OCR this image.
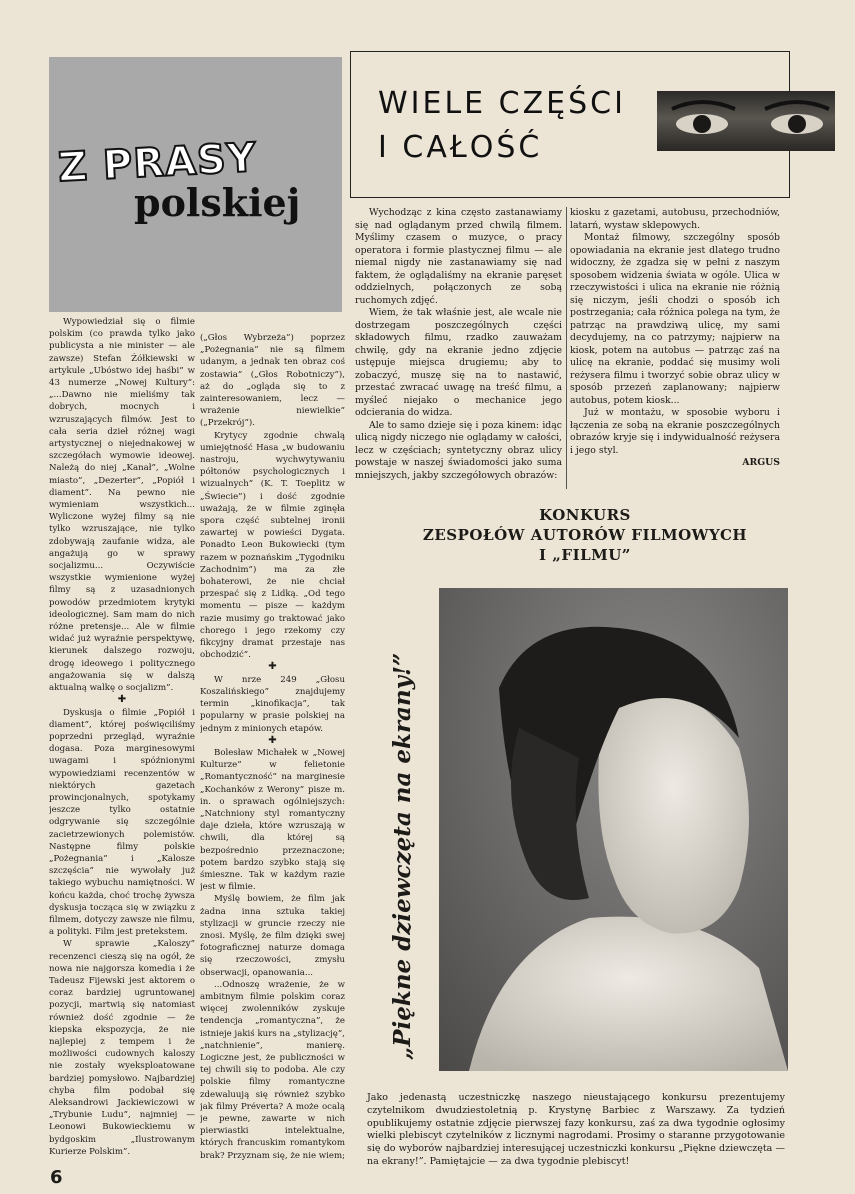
Z PRASY
polskiej
WIELE CZĘŚCI
I CAŁOŚĆ

Wychodząc z kina często zastanawiamy się nad oglądanym przed chwilą filmem. Myślimy czasem o muzyce, o pracy operatora i formie plastycznej filmu — ale niemal nigdy nie zastanawiamy się nad faktem, że oglądaliśmy na ekranie paręset oddzielnych, połączonych ze sobą ruchomych zdjęć.

Wiem, że tak właśnie jest, ale wcale nie dostrzegam poszczególnych części składowych filmu, rzadko zauważam chwilę, gdy na ekranie jedno zdjęcie ustępuje miejsca drugiemu; aby to zobaczyć, muszę się na to nastawić, przestać zwracać uwagę na treść filmu, a myśleć niejako o mechanice jego odcierania do widza.

Ale to samo dzieje się i poza kinem: idąc ulicą nigdy niczego nie oglądamy w całości, lecz w częściach; syntetyczny obraz ulicy powstaje w naszej świadomości jako suma mniejszych, jakby szczegółowych obrazów:

kiosku z gazetami, autobusu, przechodniów, latarń, wystaw sklepowych.

Montaż filmowy, szczególny sposób opowiadania na ekranie jest dlatego trudno widoczny, że zgadza się w pełni z naszym sposobem widzenia świata w ogóle. Ulica w rzeczywistości i ulica na ekranie nie różnią się niczym, jeśli chodzi o sposób ich postrzegania; cała różnica polega na tym, że patrząc na prawdziwą ulicę, my sami decydujemy, na co patrzymy; najpierw na kiosk, potem na autobus — patrząc zaś na ulicę na ekranie, poddać się musimy woli reżysera filmu i tworzyć sobie obraz ulicy w sposób przezeń zaplanowany; najpierw autobus, potem kiosk...

Już w montażu, w sposobie wyboru i łączenia ze sobą na ekranie poszczególnych obrazów kryje się i indywidualność reżysera i jego styl.

ARGUS

Wypowiedział się o filmie polskim (co prawda tylko jako publicysta a nie minister — ale zawsze) Stefan Żółkiewski w artykule „Ubóstwo idej haśbi” w 43 numerze „Nowej Kultury”: „...Dawno nie mieliśmy tak dobrych, mocnych i wzruszających filmów. Jest to cała seria dzieł różnej wagi artystycznej o niejednakowej w szczegółach wymowie ideowej. Należą do niej „Kanał”, „Wolne miasto”, „Dezerter”, „Popiół i diament”. Na pewno nie wymieniam wszystkich... Wyliczone wyżej filmy są nie tylko wzruszające, nie tylko zdobywają zaufanie widza, ale angażują go w sprawy socjalizmu... Oczywiście wszystkie wymienione wyżej filmy są z uzasadnionych powodów przedmiotem krytyki ideologicznej. Sam mam do nich różne pretensje... Ale w filmie widać już wyraźnie perspektywę, kierunek dalszego rozwoju, drogę ideowego i politycznego angażowania się w dalszą aktualną walkę o socjalizm”.

✚

Dyskusja o filmie „Popiół i diament”, której poświęciliśmy poprzedni przegląd, wyraźnie dogasa. Poza marginesowymi uwagami i spóźnionymi wypowiedziami recenzentów w niektórych gazetach prowincjonalnych, spotykamy jeszcze tylko ostatnie odgrywanie się szczególnie zacietrzewionych polemistów. Następne filmy polskie „Pożegnania” i „Kalosze szczęścia” nie wywołały już takiego wybuchu namiętności. W końcu każda, choć trochę żywsza dyskusja tocząca się w związku z filmem, dotyczy zawsze nie filmu, a polityki. Film jest pretekstem.

W sprawie „Kaloszy” recenzenci cieszą się na ogół, że nowa nie najgorsza komedia i że Tadeusz Fijewski jest aktorem o coraz bardziej ugruntowanej pozycji, martwią się natomiast również dość zgodnie — że kiepska ekspozycja, że nie najlepiej z tempem i że możliwości cudownych kaloszy nie zostały wyeksploatowane bardziej pomysłowo. Najbardziej chyba film podobał się Aleksandrowi Jackiewiczowi w „Trybunie Ludu”, najmniej — Leonowi Bukowieckiemu w bydgoskim „Ilustrowanym Kurierze Polskim”.

(„Głos Wybrzeża”) poprzez „Pożegnania” nie są filmem udanym, a jednak ten obraz coś zostawia” („Głos Robotniczy”), aż do „ogląda się to z zainteresowaniem, lecz — wrażenie niewielkie” („Przekrój”).

Krytycy zgodnie chwalą umiejętność Hasa „w budowaniu nastroju, wychwytywaniu półtonów psychologicznych i wizualnych” (K. T. Toeplitz w „Świecie”) i dość zgodnie uważają, że w filmie zginęła spora część subtelnej ironii zawartej w powieści Dygata. Ponadto Leon Bukowiecki (tym razem w poznańskim „Tygodniku Zachodnim”) ma za złe bohaterowi, że nie chciał przespać się z Lidką. „Od tego momentu — pisze — każdym razie musimy go traktować jako chorego i jego rzekomy czy fikcyjny dramat przestaje nas obchodzić”.

✚

W nrze 249 „Głosu Koszalińskiego” znajdujemy termin „kinofikacja”, tak popularny w prasie polskiej na jednym z minionych etapów.

✚

Bolesław Michałek w „Nowej Kulturze” w felietonie „Romantyczność” na marginesie „Kochanków z Werony” pisze m. in. o sprawach ogólniejszych: „Natchniony styl romantyczny daje dzieła, które wzruszają w chwili, dla której są bezpośrednio przeznaczone; potem bardzo szybko stają się śmieszne. Tak w każdym razie jest w filmie.

Myślę bowiem, że film jak żadna inna sztuka takiej stylizacji w gruncie rzeczy nie znosi. Myślę, że film dzięki swej fotograficznej naturze domaga się rzeczowości, zmysłu obserwacji, opanowania...

...Odnoszę wrażenie, że w ambitnym filmie polskim coraz więcej zwolenników zyskuje tendencja „romantyczna”, że istnieje jakiś kurs na „stylizację”, „natchnienie”, manierę. Logiczne jest, że publiczności w tej chwili się to podoba. Ale czy polskie filmy romantyczne zdewaluują się również szybko jak filmy Préverta? A może ocalą je pewne, zawarte w nich pierwiastki intelektualne, których francuskim romantykom brak? Przyznam się, że nie wiem;

KONKURS
ZESPOŁÓW AUTORÓW FILMOWYCH
I „FILMU”
„Piękne dziewczęta na ekrany!”
Jako jedenastą uczestniczkę naszego nieustającego konkursu prezentujemy czytelnikom dwudziestoletnią p. Krystynę Barbiec z Warszawy. Za tydzień opublikujemy ostatnie zdjęcie pierwszej fazy konkursu, zaś za dwa tygodnie ogłosimy wielki plebiscyt czytelników z licznymi nagrodami. Prosimy o staranne przygotowanie się do wyborów najbardziej interesującej uczestniczki konkursu „Piękne dziewczęta — na ekrany!”. Pamiętajcie — za dwa tygodnie plebiscyt!
6
